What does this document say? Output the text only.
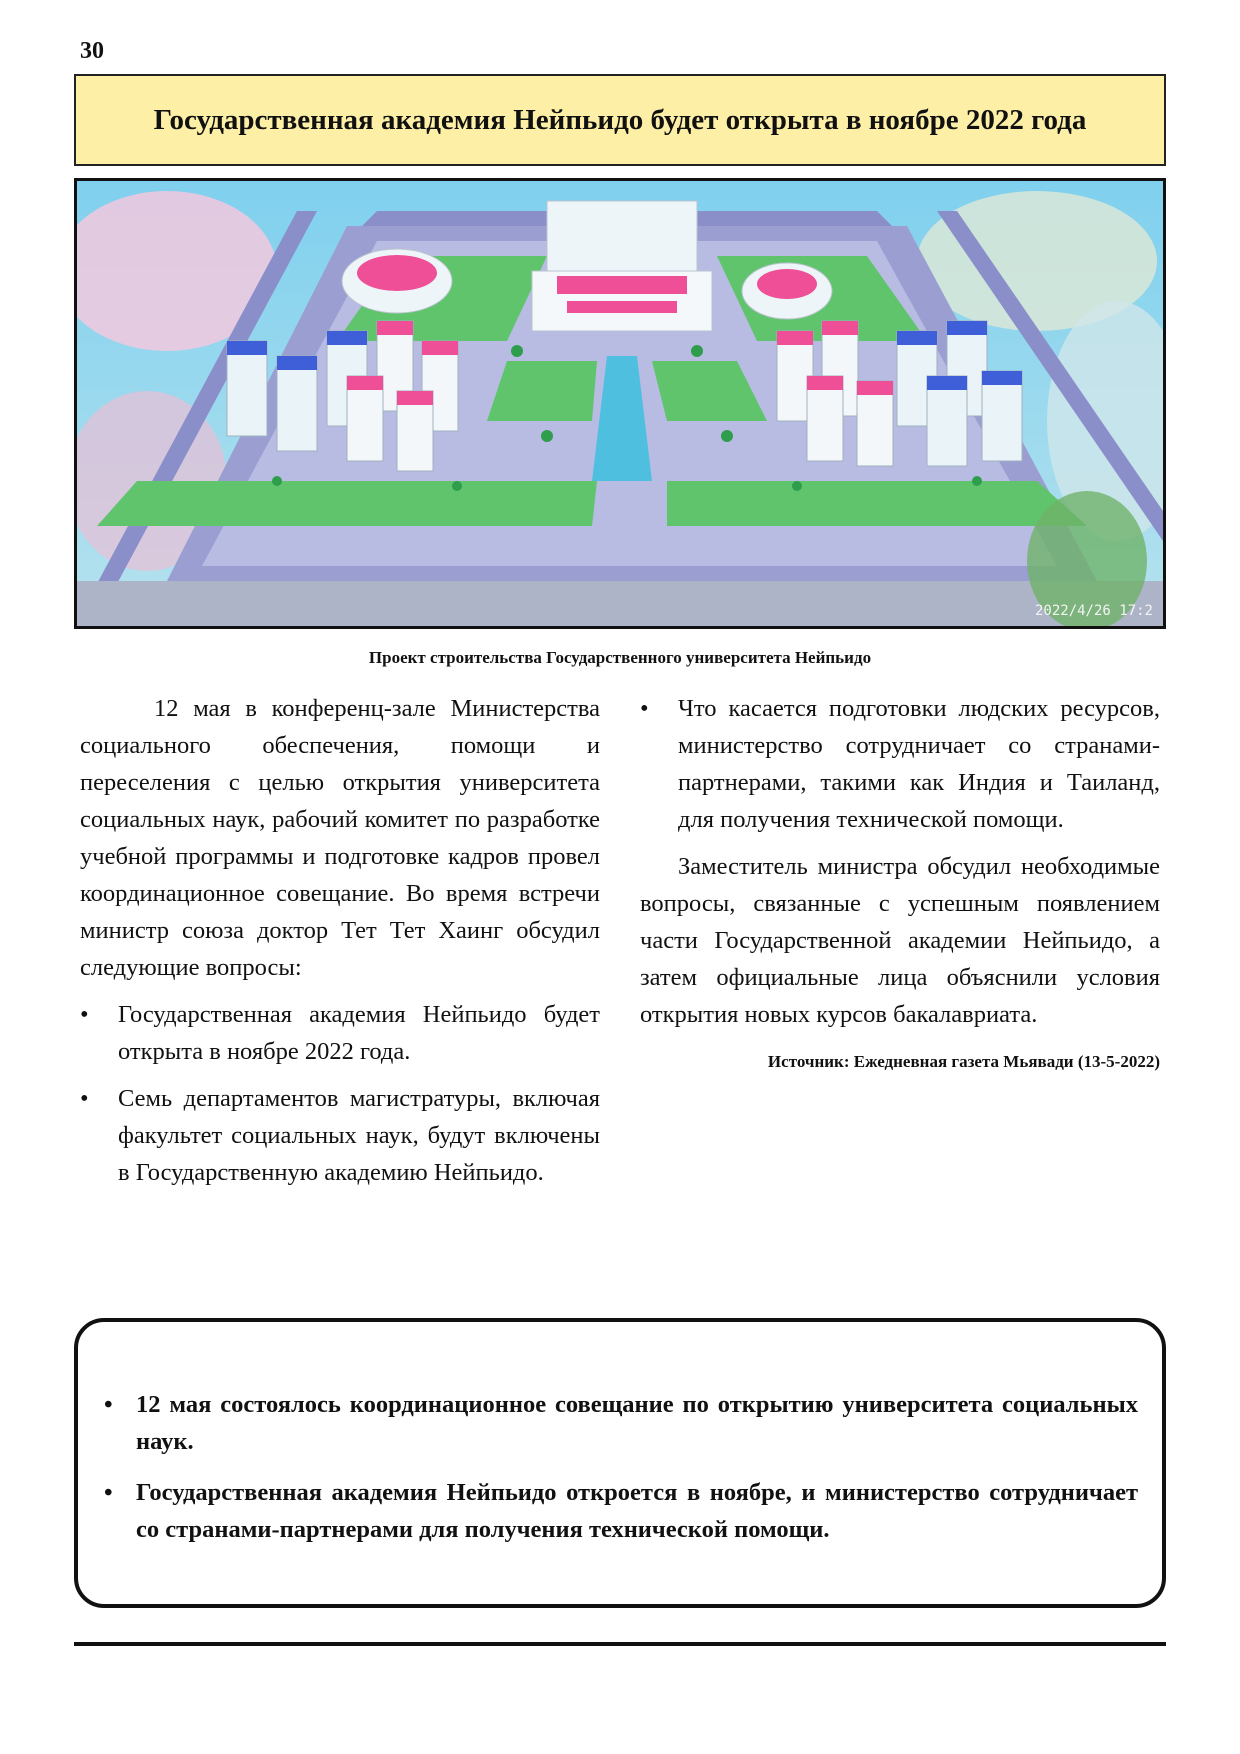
30
Государственная академия Нейпьидо будет открыта в ноябре 2022 года
2022/4/26 17:2
Проект строительства Государственного университета Нейпьидо

12 мая в конференц-зале Министерства социального обеспечения, помощи и переселения с целью открытия университета социальных наук, рабочий комитет по разработке учебной программы и подготовке кадров провел координационное совещание. Во время встречи министр союза доктор Тет Тет Хаинг обсудил следующие вопросы:

• Государственная академия Нейпьидо будет открыта в ноябре 2022 года.
• Семь департаментов магистратуры, включая факультет социальных наук, будут включены в Государственную академию Нейпьидо.
• Что касается подготовки людских ресурсов, министерство сотрудничает со странами-партнерами, такими как Индия и Таиланд, для получения технической помощи.

Заместитель министра обсудил необходимые вопросы, связанные с успешным появлением части Государственной академии Нейпьидо, а затем официальные лица объяснили условия открытия новых курсов бакалавриата.

Источник: Ежедневная газета Мьявади (13-5-2022)
• 12 мая состоялось координационное совещание по открытию университета социальных наук.
• Государственная академия Нейпьидо откроется в ноябре, и министерство сотрудничает со странами-партнерами для получения технической помощи.
